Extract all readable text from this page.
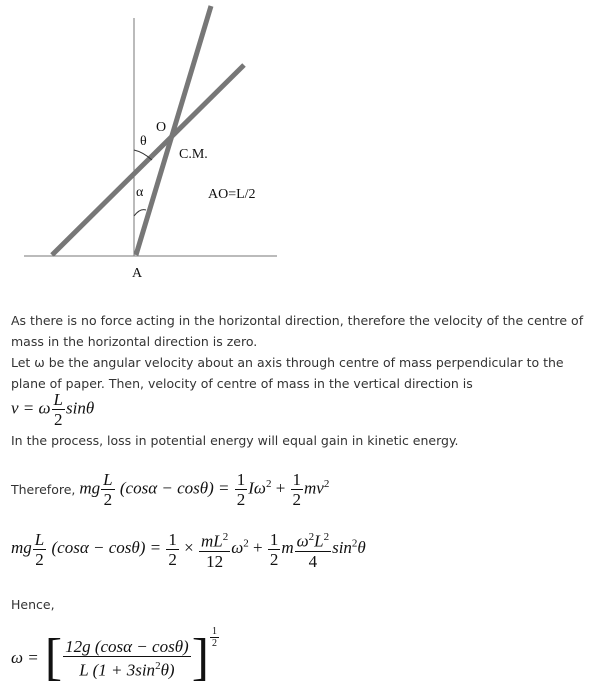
O
θ
C.M.
α	AO=L/2
A
As there is no force acting in the horizontal direction, therefore the velocity of the centre of mass in the horizontal direction is zero.
Let ω be the angular velocity about an axis through centre of mass perpendicular to the plane of paper. Then, velocity of centre of mass in the vertical direction is
v = ω $\frac{L}{2}$ sinθ
In the process, loss in potential energy will equal gain in kinetic energy.
Therefore, mg $\frac{L}{2} (\cos\alpha - \cos\theta) = \frac{1}{2} I\omega^2 + \frac{1}{2} mv^2$
mg $\frac{L}{2} (\cos\alpha - \cos\theta) = \frac{1}{2} \times \frac{mL^2}{12} \omega^2 + \frac{1}{2}$ m $\frac{\omega^2L^2}{4} \sin^2\theta$
Hence,
ω = [ $\frac{12g (\cos\alpha - \cos\theta)}{L (1 + 3\sin^2\theta)}$ ] $\frac{1}{2}$
